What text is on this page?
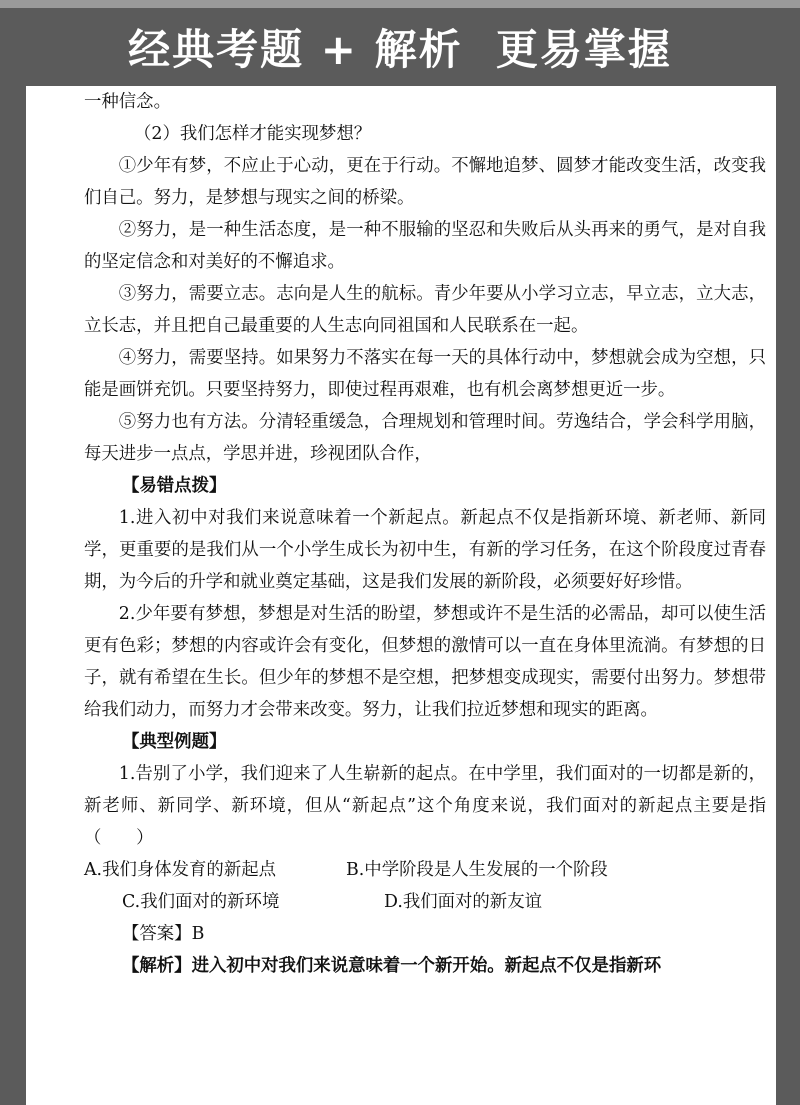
经典考题 + 解析  更易掌握

一种信念。

（2）我们怎样才能实现梦想？

①少年有梦，不应止于心动，更在于行动。不懈地追梦、圆梦才能改变生活，改变我们自己。努力，是梦想与现实之间的桥梁。

②努力，是一种生活态度，是一种不服输的坚忍和失败后从头再来的勇气，是对自我的坚定信念和对美好的不懈追求。

③努力，需要立志。志向是人生的航标。青少年要从小学习立志，早立志，立大志，立长志，并且把自己最重要的人生志向同祖国和人民联系在一起。

④努力，需要坚持。如果努力不落实在每一天的具体行动中，梦想就会成为空想，只能是画饼充饥。只要坚持努力，即使过程再艰难，也有机会离梦想更近一步。

⑤努力也有方法。分清轻重缓急，合理规划和管理时间。劳逸结合，学会科学用脑，每天进步一点点，学思并进，珍视团队合作，

【易错点拨】

1.进入初中对我们来说意味着一个新起点。新起点不仅是指新环境、新老师、新同学，更重要的是我们从一个小学生成长为初中生，有新的学习任务，在这个阶段度过青春期，为今后的升学和就业奠定基础，这是我们发展的新阶段，必须要好好珍惜。

2.少年要有梦想，梦想是对生活的盼望，梦想或许不是生活的必需品，却可以使生活更有色彩；梦想的内容或许会有变化，但梦想的激情可以一直在身体里流淌。有梦想的日子，就有希望在生长。但少年的梦想不是空想，把梦想变成现实，需要付出努力。梦想带给我们动力，而努力才会带来改变。努力，让我们拉近梦想和现实的距离。

【典型例题】

1.告别了小学，我们迎来了人生崭新的起点。在中学里，我们面对的一切都是新的，新老师、新同学、新环境，但从“新起点”这个角度来说，我们面对的新起点主要是指（　　）

A.我们身体发育的新起点	B.中学阶段是人生发展的一个阶段
C.我们面对的新环境	D.我们面对的新友谊

【答案】B

【解析】进入初中对我们来说意味着一个新开始。新起点不仅是指新环
